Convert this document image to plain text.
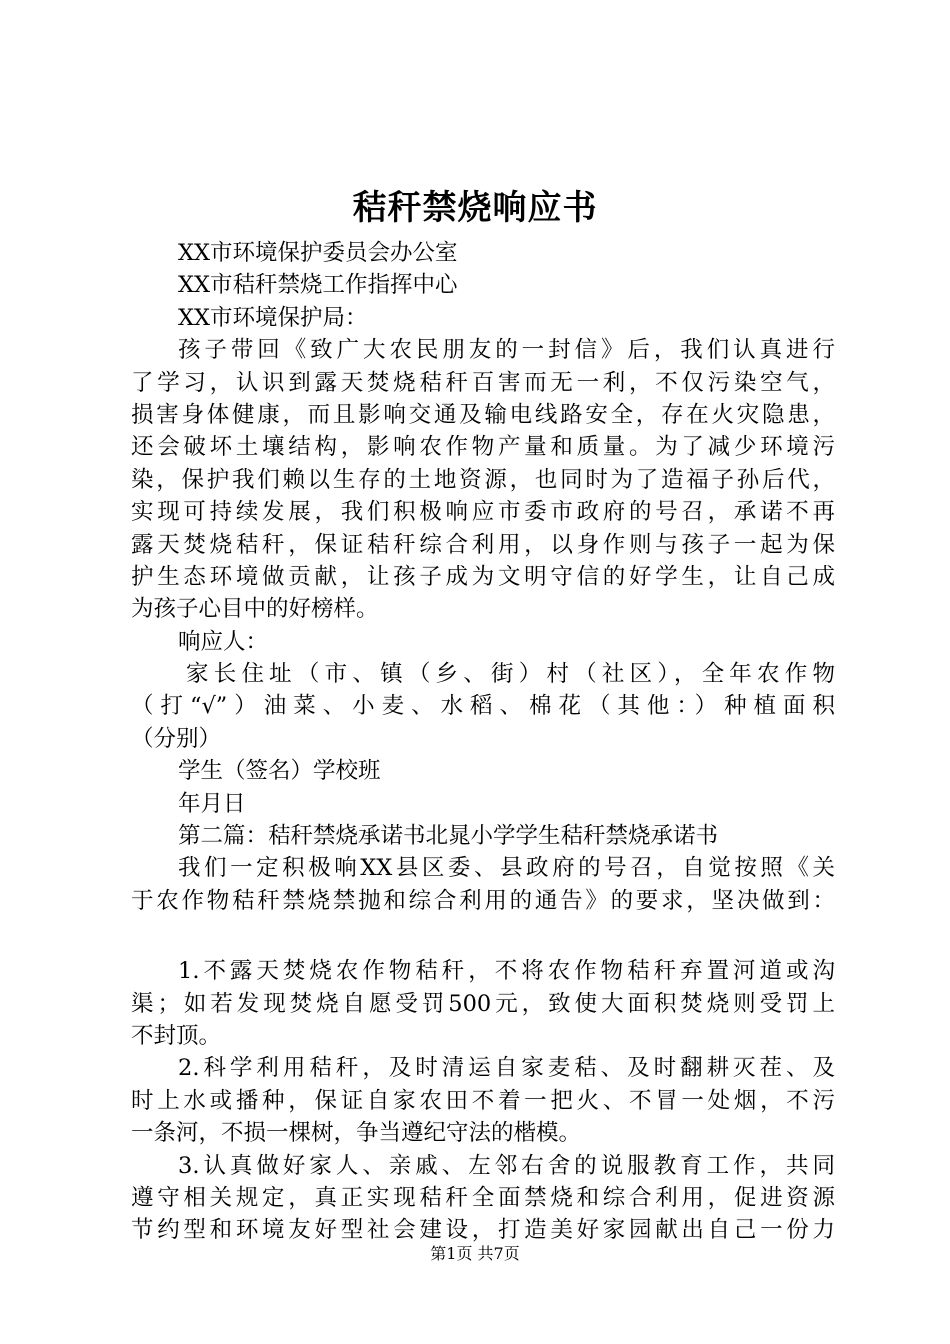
秸秆禁烧响应书
XX市环境保护委员会办公室
XX市秸秆禁烧工作指挥中心
XX市环境保护局：
孩子带回《致广大农民朋友的一封信》后，我们认真进行
了学习，认识到露天焚烧秸秆百害而无一利，不仅污染空气，
损害身体健康，而且影响交通及输电线路安全，存在火灾隐患，
还会破坏土壤结构，影响农作物产量和质量。为了减少环境污
染，保护我们赖以生存的土地资源，也同时为了造福子孙后代，
实现可持续发展，我们积极响应市委市政府的号召，承诺不再
露天焚烧秸秆，保证秸秆综合利用，以身作则与孩子一起为保
护生态环境做贡献，让孩子成为文明守信的好学生，让自己成
为孩子心目中的好榜样。
响应人：
家长住址（市、镇（乡、街）村（社区），全年农作物
（打“√”）油菜、小麦、水稻、棉花（其他：）种植面积
（分别）
学生（签名）学校班
年月日
第二篇：秸秆禁烧承诺书北晁小学学生秸秆禁烧承诺书
我们一定积极响XX县区委、县政府的号召，自觉按照《关
于农作物秸秆禁烧禁抛和综合利用的通告》的要求，坚决做到：
1.不露天焚烧农作物秸秆，不将农作物秸秆弃置河道或沟
渠；如若发现焚烧自愿受罚500元，致使大面积焚烧则受罚上
不封顶。
2.科学利用秸秆，及时清运自家麦秸、及时翻耕灭茬、及
时上水或播种，保证自家农田不着一把火、不冒一处烟，不污
一条河，不损一棵树，争当遵纪守法的楷模。
3.认真做好家人、亲戚、左邻右舍的说服教育工作，共同
遵守相关规定，真正实现秸秆全面禁烧和综合利用，促进资源
节约型和环境友好型社会建设，打造美好家园献出自己一份力
第1页 共7页
